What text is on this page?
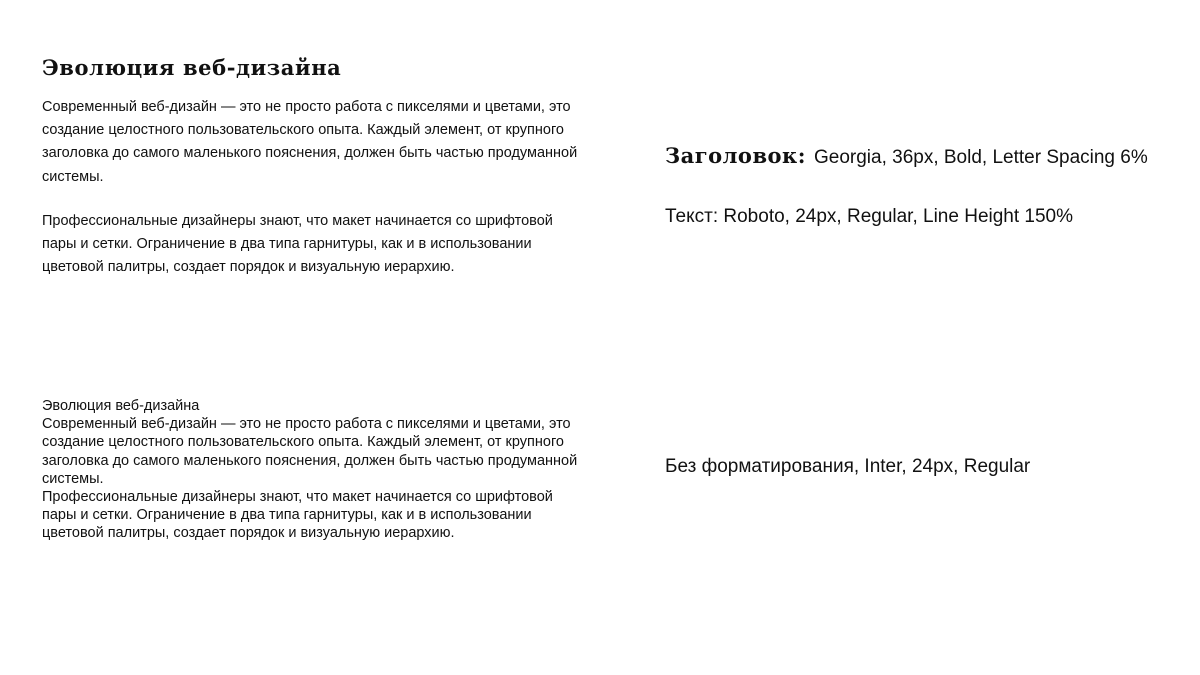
Эволюция веб-дизайна

Современный веб-дизайн — это не просто работа с пикселями и цветами, это создание целостного пользовательского опыта. Каждый элемент, от крупного заголовка до самого маленького пояснения, должен быть частью продуманной системы.

Профессиональные дизайнеры знают, что макет начинается со шрифтовой пары и сетки. Ограничение в два типа гарнитуры, как и в использовании цветовой палитры, создает порядок и визуальную иерархию.

Заголовок: Georgia, 36px, Bold, Letter Spacing 6%
Текст: Roboto, 24px, Regular, Line Height 150%

Эволюция веб-дизайна

Современный веб-дизайн — это не просто работа с пикселями и цветами, это создание целостного пользовательского опыта. Каждый элемент, от крупного заголовка до самого маленького пояснения, должен быть частью продуманной системы.

Профессиональные дизайнеры знают, что макет начинается со шрифтовой пары и сетки. Ограничение в два типа гарнитуры, как и в использовании цветовой палитры, создает порядок и визуальную иерархию.

Без форматирования, Inter, 24px, Regular
